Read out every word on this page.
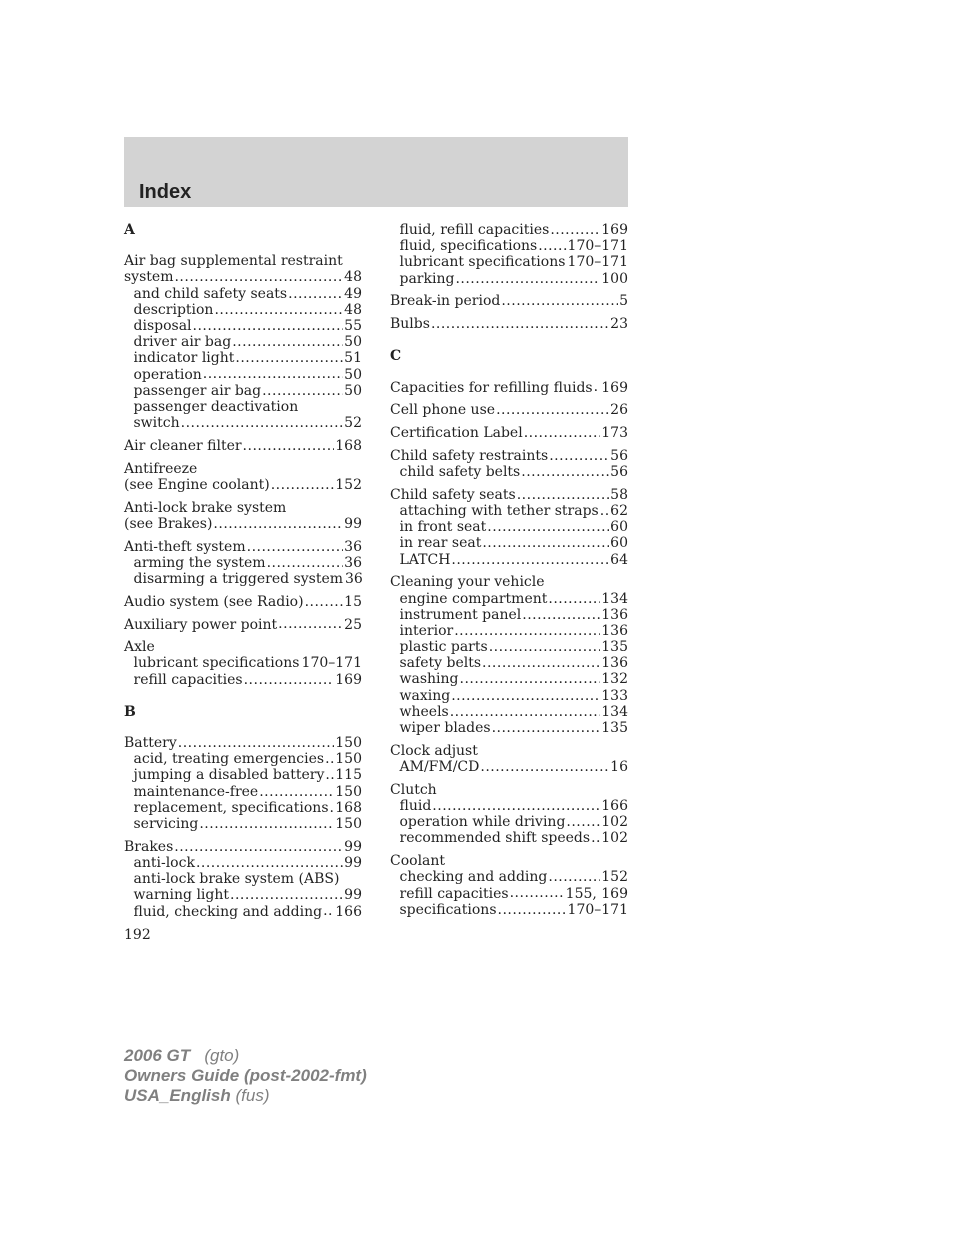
Index
A
Air bag supplemental restraint
system .....	48
and child safety seats .....	49
description .....	48
disposal .....	55
driver air bag .....	50
indicator light .....	51
operation .....	50
passenger air bag .....	50
passenger deactivation
switch .....	52
Air cleaner filter .....	168
Antifreeze
(see Engine coolant) .....	152
Anti-lock brake system
(see Brakes) .....	99
Anti-theft system .....	36
arming the system .....	36
disarming a triggered system 36
Audio system (see Radio) .....	15
Auxiliary power point .....	25
Axle
lubricant specifications ..... 170–171
refill capacities .....	169
B
Battery .....	150
acid, treating emergencies ..... 150
jumping a disabled battery ..... 115
maintenance-free .....	150
replacement, specifications ..... 168
servicing .....	150
Brakes .....	99
anti-lock .....	99
anti-lock brake system (ABS)
warning light .....	99
fluid, checking and adding ..... 166
fluid, refill capacities .....	169
fluid, specifications ..... 170–171
lubricant specifications ..... 170–171
parking .....	100
Break-in period .....	5
Bulbs .....	23
C
Capacities for refilling fluids ..... 169
Cell phone use .....	26
Certification Label .....	173
Child safety restraints .....	56
child safety belts .....	56
Child safety seats .....	58
attaching with tether straps ..... 62
in front seat .....	60
in rear seat .....	60
LATCH .....	64
Cleaning your vehicle
engine compartment .....	134
instrument panel .....	136
interior .....	136
plastic parts .....	135
safety belts .....	136
washing .....	132
waxing .....	133
wheels .....	134
wiper blades .....	135
Clock adjust
AM/FM/CD .....	16
Clutch
fluid .....	166
operation while driving .....	102
recommended shift speeds ..... 102
Coolant
checking and adding .....	152
refill capacities .....	155, 169
specifications .....	170–171
192
2006 GT (gto)
Owners Guide (post-2002-fmt)
USA_English (fus)
